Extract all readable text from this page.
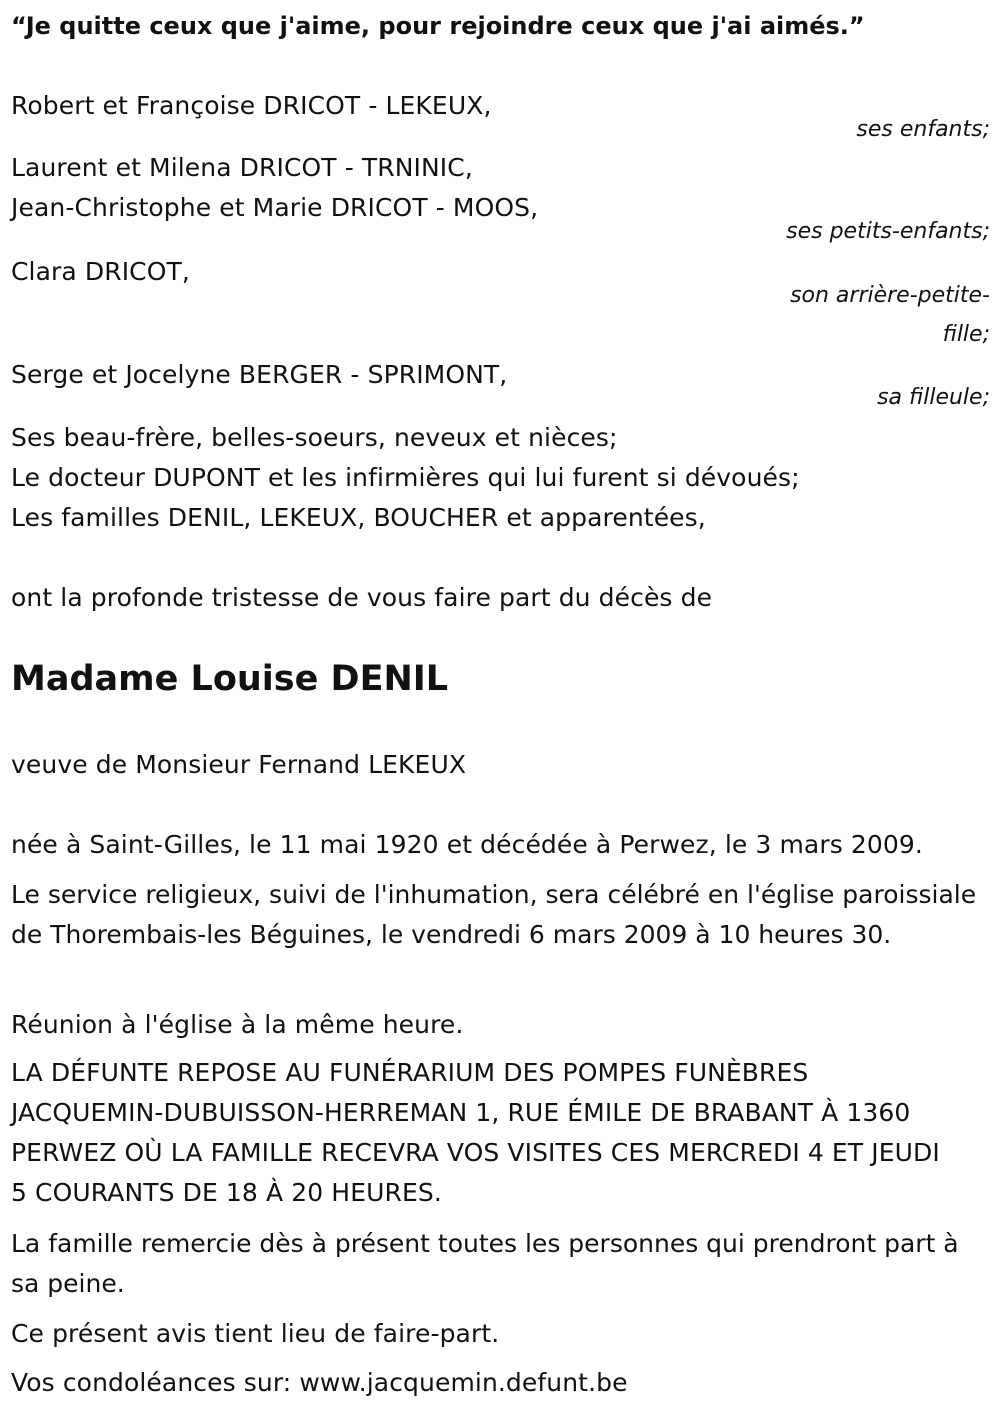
“Je quitte ceux que j'aime, pour rejoindre ceux que j'ai aimés.”
Robert et Françoise DRICOT - LEKEUX,
ses enfants;
Laurent et Milena DRICOT - TRNINIC,
Jean-Christophe et Marie DRICOT - MOOS,
ses petits-enfants;
Clara DRICOT,
son arrière-petite-
fille;
Serge et Jocelyne BERGER - SPRIMONT,
sa filleule;
Ses beau-frère, belles-soeurs, neveux et nièces;
Le docteur DUPONT et les infirmières qui lui furent si dévoués;
Les familles DENIL, LEKEUX, BOUCHER et apparentées,
ont la profonde tristesse de vous faire part du décès de
Madame Louise DENIL
veuve de Monsieur Fernand LEKEUX
née à Saint-Gilles, le 11 mai 1920 et décédée à Perwez, le 3 mars 2009.
Le service religieux, suivi de l'inhumation, sera célébré en l'église paroissiale de Thorembais-les Béguines, le vendredi 6 mars 2009 à 10 heures 30.
Réunion à l'église à la même heure.
LA DÉFUNTE REPOSE AU FUNÉRARIUM DES POMPES FUNÈBRES
JACQUEMIN-DUBUISSON-HERREMAN 1, RUE ÉMILE DE BRABANT À 1360
PERWEZ OÙ LA FAMILLE RECEVRA VOS VISITES CES MERCREDI 4 ET JEUDI
5 COURANTS DE 18 À 20 HEURES.
La famille remercie dès à présent toutes les personnes qui prendront part à sa peine.
Ce présent avis tient lieu de faire-part.
Vos condoléances sur: www.jacquemin.defunt.be
